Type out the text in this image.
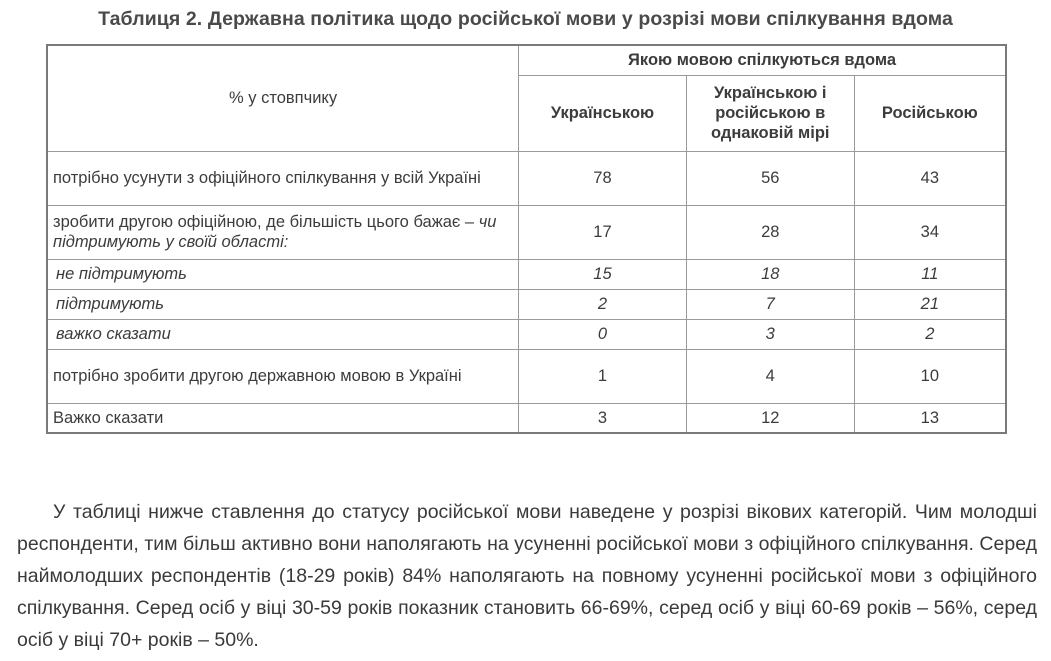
Таблиця 2. Державна політика щодо російської мови у розрізі мови спілкування вдома
% у стовпчику	Якою мовою спілкуються вдома		
	Українською	Українською і російською в однаковій мірі	Російською
потрібно усунути з офіційного спілкування у всій Україні	78	56	43
зробити другою офіційною, де більшість цього бажає – чи підтримують у своїй області:	17	28	34
не підтримують	15	18	11
підтримують	2	7	21
важко сказати	0	3	2
потрібно зробити другою державною мовою в Україні	1	4	10
Важко сказати	3	12	13

У таблиці нижче ставлення до статусу російської мови наведене у розрізі вікових категорій. Чим молодші респонденти, тим більш активно вони наполягають на усуненні російської мови з офіційного спілкування. Серед наймолодших респондентів (18-29 років) 84% наполягають на повному усуненні російської мови з офіційного спілкування. Серед осіб у віці 30-59 років показник становить 66-69%, серед осіб у віці 60-69 років – 56%, серед осіб у віці 70+ років – 50%.
